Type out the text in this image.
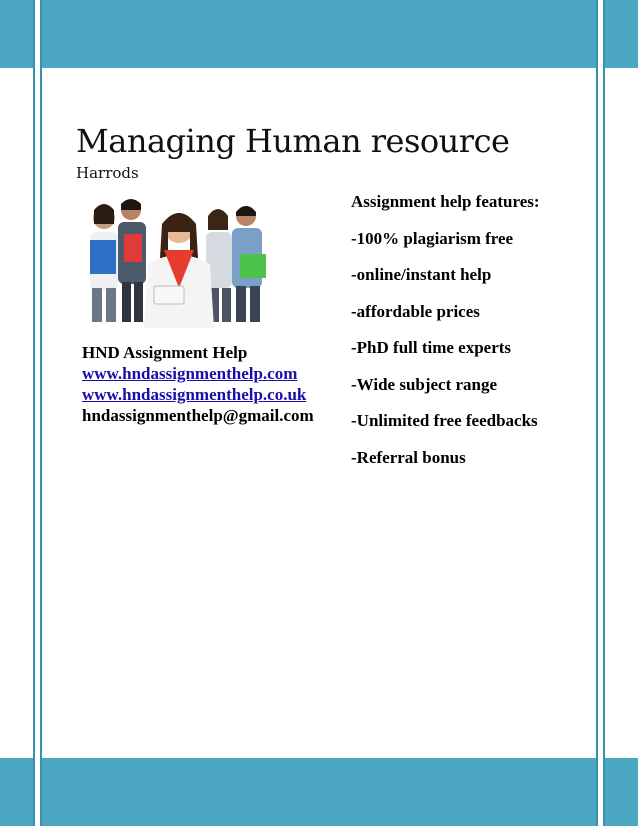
Managing Human resource
Harrods
HND Assignment Help
www.hndassignmenthelp.com
www.hndassignmenthelp.co.uk
hndassignmenthelp@gmail.com
Assignment help features:
-100% plagiarism free
-online/instant help
-affordable prices
-PhD full time experts
-Wide subject range
-Unlimited free feedbacks
-Referral bonus
